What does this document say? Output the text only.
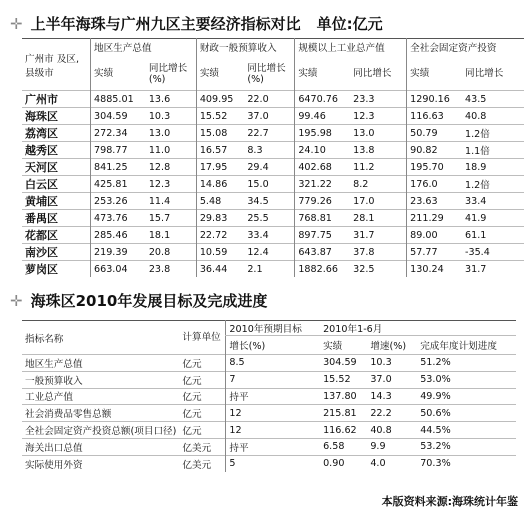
✛ 上半年海珠与广州九区主要经济指标对比 单位:亿元
广州市 及区,县级市	地区生产总值		财政一般预算收入		规模以上工业总产值		全社会固定资产投资	
	实绩	同比增长(%)	实绩	同比增长(%)	实绩	同比增长	实绩	同比增长
广州市	4885.01	13.6	409.95	22.0	6470.76	23.3	1290.16	43.5
海珠区	304.59	10.3	15.52	37.0	99.46	12.3	116.63	40.8
荔湾区	272.34	13.0	15.08	22.7	195.98	13.0	50.79	1.2倍
越秀区	798.77	11.0	16.57	8.3	24.10	13.8	90.82	1.1倍
天河区	841.25	12.8	17.95	29.4	402.68	11.2	195.70	18.9
白云区	425.81	12.3	14.86	15.0	321.22	8.2	176.0	1.2倍
黄埔区	253.26	11.4	5.48	34.5	779.26	17.0	23.63	33.4
番禺区	473.76	15.7	29.83	25.5	768.81	28.1	211.29	41.9
花都区	285.46	18.1	22.72	33.4	897.75	31.7	89.00	61.1
南沙区	219.39	20.8	10.59	12.4	643.87	37.8	57.77	-35.4
萝岗区	663.04	23.8	36.44	2.1	1882.66	32.5	130.24	31.7
✛ 海珠区2010年发展目标及完成进度
指标名称	计算单位	2010年预期目标	2010年1-6月		
		增长(%)	实绩	增速(%)	完成年度计划进度
地区生产总值	亿元	8.5	304.59	10.3	51.2%
一般预算收入	亿元	7	15.52	37.0	53.0%
工业总产值	亿元	持平	137.80	14.3	49.9%
社会消费品零售总额	亿元	12	215.81	22.2	50.6%
全社会固定资产投资总额(项目口径)	亿元	12	116.62	40.8	44.5%
海关出口总值	亿美元	持平	6.58	9.9	53.2%
实际使用外资	亿美元	5	0.90	4.0	70.3%
本版资料来源:海珠统计年鉴
